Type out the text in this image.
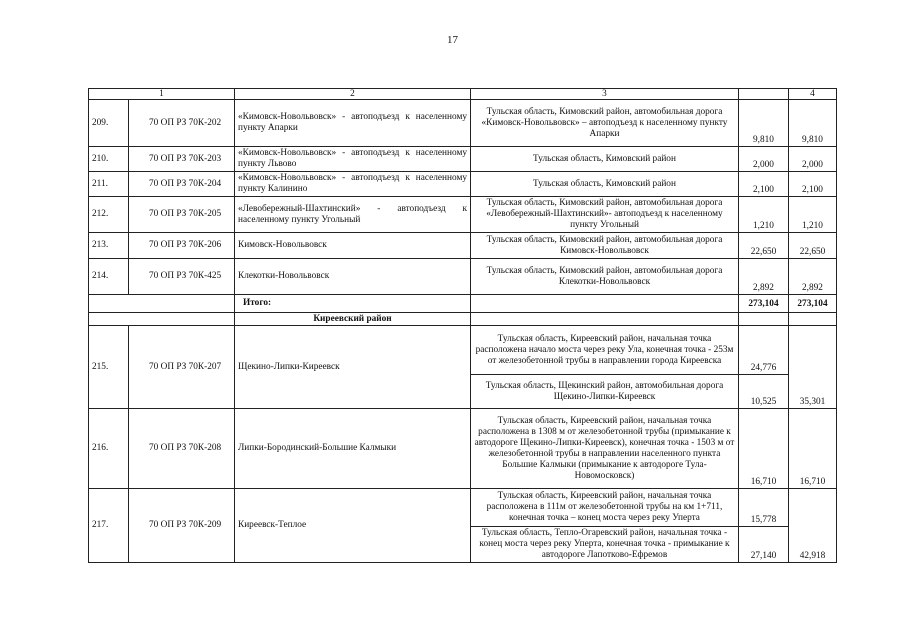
17
1		2	3		4
209.	70 ОП РЗ 70К-202	«Кимовск-Новольвовск» - автоподъезд к населенному пункту Апарки	Тульская область, Кимовский район, автомобильная дорога «Кимовск-Новольвовск» – автоподъезд к населенному пункту Апарки	9,810	9,810
210.	70 ОП РЗ 70К-203	«Кимовск-Новольвовск» - автоподъезд к населенному пункту Львово	Тульская область, Кимовский район	2,000	2,000
211.	70 ОП РЗ 70К-204	«Кимовск-Новольвовск» - автоподъезд к населенному пункту Калинино	Тульская область, Кимовский район	2,100	2,100
212.	70 ОП РЗ 70К-205	«Левобережный-Шахтинский» - автоподъезд к населенному пункту Угольный	Тульская область, Кимовский район, автомобильная дорога «Левобережный-Шахтинский»- автоподъезд к населенному пункту Угольный	1,210	1,210
213.	70 ОП РЗ 70К-206	Кимовск-Новольвовск	Тульская область, Кимовский район, автомобильная дорога Кимовск-Новольвовск	22,650	22,650
214.	70 ОП РЗ 70К-425	Клекотки-Новольвовск	Тульская область, Кимовский район, автомобильная дорога Клекотки-Новольвовск	2,892	2,892
		Итого:		273,104	273,104
		Киреевский район			
215.	70 ОП РЗ 70К-207	Щекино-Липки-Киреевск	Тульская область, Киреевский район, начальная точка расположена начало моста через реку Ула, конечная точка - 253м от железобетонной трубы в направлении города Киреевска	24,776	35,301
			Тульская область, Щекинский район, автомобильная дорога Щекино-Липки-Киреевск	10,525	
216.	70 ОП РЗ 70К-208	Липки-Бородинский-Большие Калмыки	Тульская область, Киреевский район, начальная точка расположена в 1308 м от железобетонной трубы (примыкание к автодороге Щекино-Липки-Киреевск), конечная точка - 1503 м от железобетонной трубы в направлении населенного пункта Большие Калмыки (примыкание к автодороге Тула-Новомосковск)	16,710	16,710
217.	70 ОП РЗ 70К-209	Киреевск-Теплое	Тульская область, Киреевский район, начальная точка расположена в 111м от железобетонной трубы на км 1+711, конечная точка – конец моста через реку Уперта	15,778	42,918
			Тульская область, Тепло-Огаревский район, начальная точка - конец моста через реку Уперта, конечная точка - примыкание к автодороге Лапотково-Ефремов	27,140	
